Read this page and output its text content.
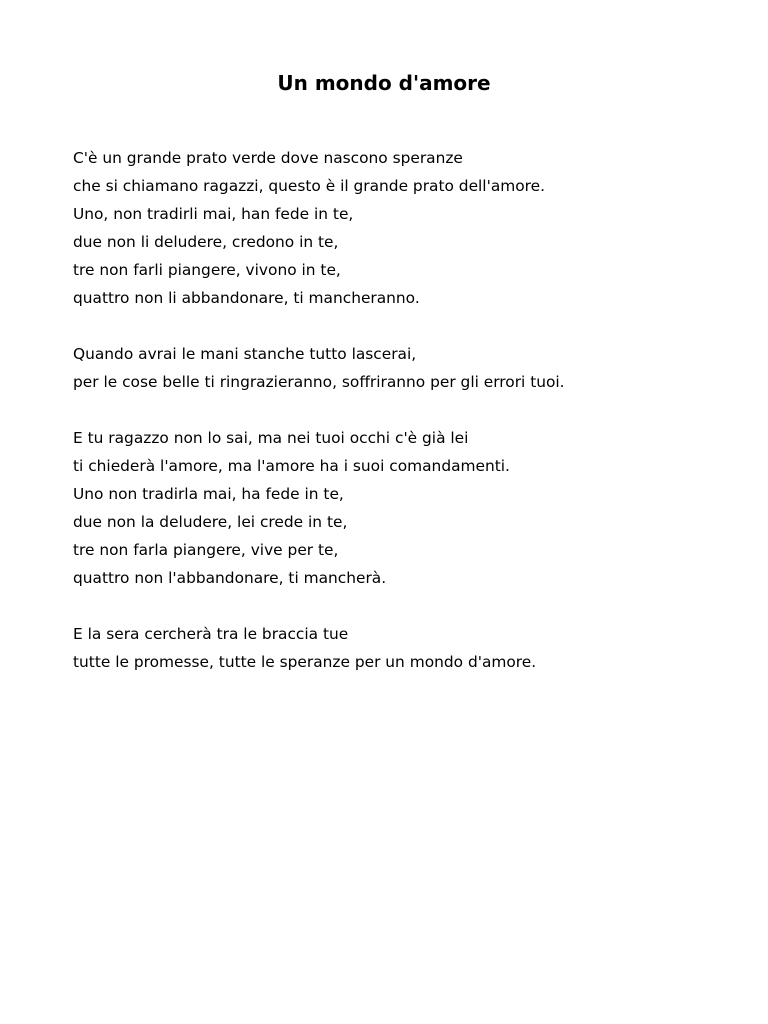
Un mondo d'amore
C'è un grande prato verde dove nascono speranze
che si chiamano ragazzi, questo è il grande prato dell'amore.
Uno, non tradirli mai, han fede in te,
due non li deludere, credono in te,
tre non farli piangere, vivono in te,
quattro non li abbandonare, ti mancheranno.
Quando avrai le mani stanche tutto lascerai,
per le cose belle ti ringrazieranno, soffriranno per gli errori tuoi.
E tu ragazzo non lo sai, ma nei tuoi occhi c'è già lei
ti chiederà l'amore, ma l'amore ha i suoi comandamenti.
Uno non tradirla mai, ha fede in te,
due non la deludere, lei crede in te,
tre non farla piangere, vive per te,
quattro non l'abbandonare, ti mancherà.
E la sera cercherà tra le braccia tue
tutte le promesse, tutte le speranze per un mondo d'amore.
